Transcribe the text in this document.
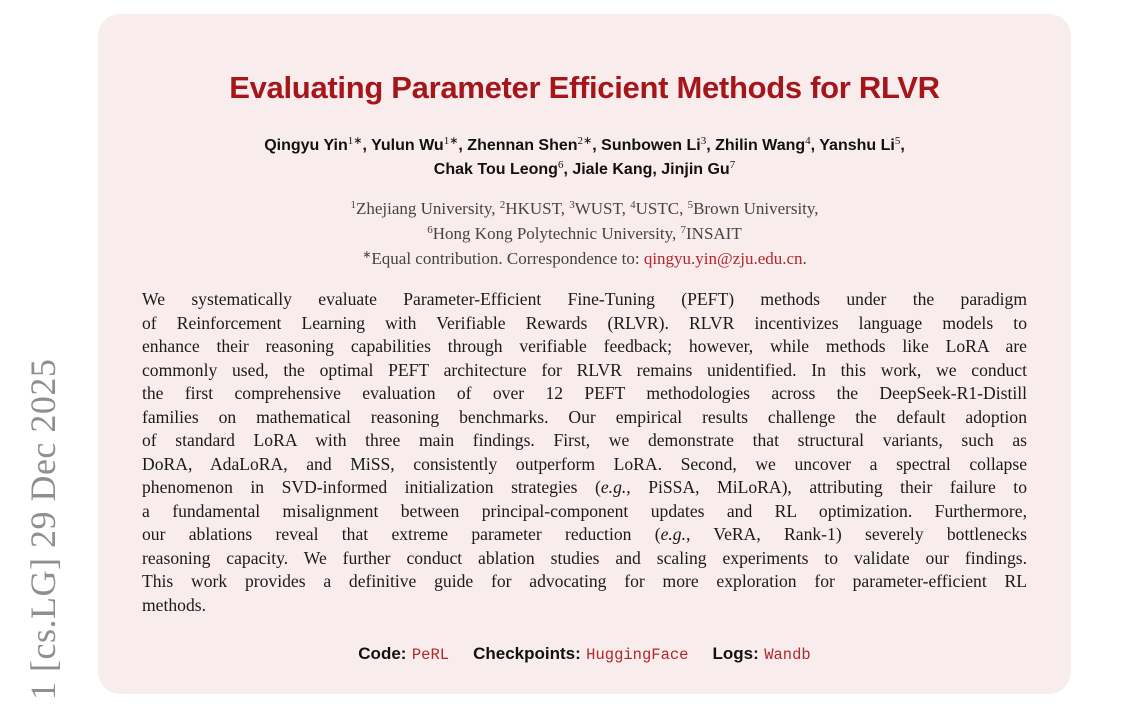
1 [cs.LG] 29 Dec 2025
Evaluating Parameter Efficient Methods for RLVR
Qingyu Yin$^{1∗}$, Yulun $Wu^{1∗}$, Zhennan Shen$^{2∗}$, Sunbowen Li$^3$, Zhilin Wang$^4$, Yanshu Li$^5$,
Chak Tou Leong$^6$, Jiale Kang, Jinjin Gu$^7$
$^1$Zhejiang University, $^2$HKUST, $^3$WUST, $^4$USTC, $^5$Brown University,
$^6$Hong Kong Polytechnic University, $^7$INSAIT
∗Equal contribution. Correspondence to: qingyu.yin@zju.edu.cn.
We systematically evaluate Parameter-Efficient Fine-Tuning (PEFT) methods under the paradigm
of Reinforcement Learning with Verifiable Rewards (RLVR). RLVR incentivizes language models to
enhance their reasoning capabilities through verifiable feedback; however, while methods like LoRA are
commonly used, the optimal PEFT architecture for RLVR remains unidentified. In this work, we conduct
the first comprehensive evaluation of over 12 PEFT methodologies across the DeepSeek-R1-Distill
families on mathematical reasoning benchmarks. Our empirical results challenge the default adoption
of standard LoRA with three main findings. First, we demonstrate that structural variants, such as
DoRA, AdaLoRA, and MiSS, consistently outperform LoRA. Second, we uncover a spectral collapse
phenomenon in SVD-informed initialization strategies (e.g., PiSSA, MiLoRA), attributing their failure to
a fundamental misalignment between principal-component updates and RL optimization. Furthermore,
our ablations reveal that extreme parameter reduction (e.g., VeRA, Rank-1) severely bottlenecks
reasoning capacity. We further conduct ablation studies and scaling experiments to validate our findings.
This work provides a definitive guide for advocating for more exploration for parameter-efficient RL
methods.
Code: PeRL Checkpoints: HuggingFace Logs: Wandb
